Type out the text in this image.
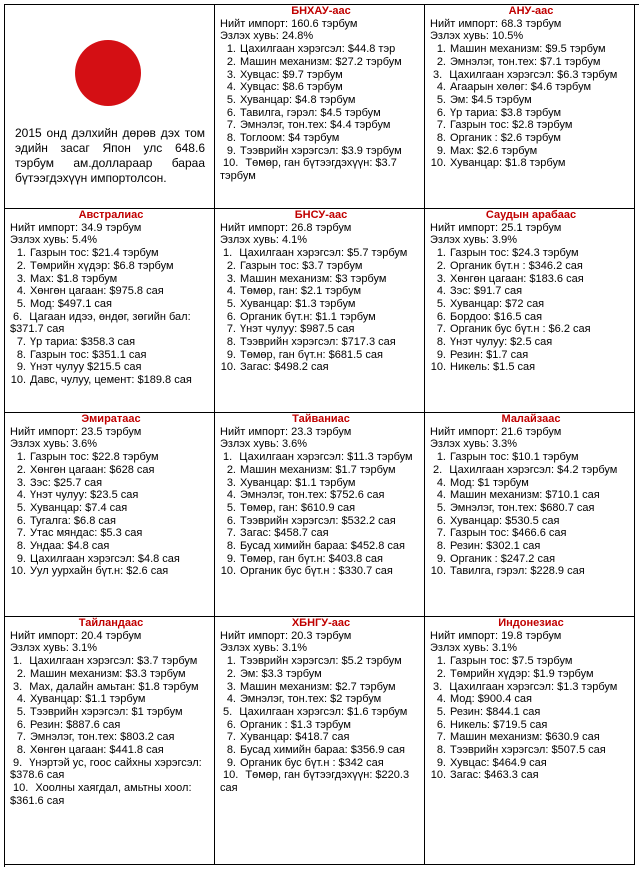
2015 онд дэлхийн дөрөв дэх том эдийн засаг Япон улс 648.6 тэрбум ам.доллараар бараа бүтээгдэхүүн импортолсон.
БНХАУ-аас
Нийт импорт: 160.6 тэрбум
Эзлэх хувь: 24.8%
1. Цахилгаан хэрэгсэл: $44.8 тэр
2. Машин механизм: $27.2 тэрбум
3. Хувцас: $9.7 тэрбум
4. Хувцас: $8.6 тэрбум
5. Хуванцар: $4.8 тэрбум
6. Тавилга, гэрэл: $4.5 тэрбум
7. Эмнэлэг, тон.тех: $4.4 тэрбум
8. Тоглоом: $4 тэрбум
9. Тээврийн хэрэгсэл: $3.9 тэрбум
10. Төмөр, ган бүтээгдэхүүн: $3.7 тэрбум
АНУ-аас
Нийт импорт: 68.3 тэрбум
Эзлэх хувь: 10.5%
1. Машин механизм: $9.5 тэрбум
2. Эмнэлэг, тон.тех: $7.1 тэрбум
3. Цахилгаан хэрэгсэл: $6.3 тэрбум
4. Агаарын хөлөг: $4.6 тэрбум
5. Эм: $4.5 тэрбум
6. Үр тариа: $3.8 тэрбум
7. Газрын тос: $2.8 тэрбум
8. Органик : $2.6 тэрбум
9. Мах: $2.6 тэрбум
10. Хуванцар: $1.8 тэрбум
Австралиас
Нийт импорт: 34.9 тэрбум
Эзлэх хувь: 5.4%
1. Газрын тос: $21.4 тэрбум
2. Төмрийн хүдэр: $6.8 тэрбум
3. Мах: $1.8 тэрбум
4. Хөнгөн цагаан: $975.8 сая
5. Мод: $497.1 сая
6. Цагаан идээ, өндөг, зөгийн бал: $371.7 сая
7. Үр тариа: $358.3 сая
8. Газрын тос: $351.1 сая
9. Үнэт чулуу $215.5 сая
10. Давс, чулуу, цемент: $189.8 сая
БНСУ-аас
Нийт импорт: 26.8 тэрбум
Эзлэх хувь: 4.1%
1. Цахилгаан хэрэгсэл: $5.7 тэрбум
2. Газрын тос: $3.7 тэрбум
3. Машин механизм: $3 тэрбум
4. Төмөр, ган: $2.1 тэрбум
5. Хуванцар: $1.3 тэрбум
6. Органик бүт.н: $1.1 тэрбум
7. Үнэт чулуу: $987.5 сая
8. Тээврийн хэрэгсэл: $717.3 сая
9. Төмөр, ган бүт.н: $681.5 сая
10. Загас: $498.2 сая
Саудын арабаас
Нийт импорт: 25.1 тэрбум
Эзлэх хувь: 3.9%
1. Газрын тос: $24.3 тэрбум
2. Органик бүт.н : $346.2 сая
3. Хөнгөн цагаан: $183.6 сая
4. Зэс: $91.7 сая
5. Хуванцар: $72 сая
6. Бордоо: $16.5 сая
7. Органик бус бүт.н : $6.2 сая
8. Үнэт чулуу: $2.5 сая
9. Резин: $1.7 сая
10. Никель: $1.5 сая
Эмиратаас
Нийт импорт: 23.5 тэрбум
Эзлэх хувь: 3.6%
1. Газрын тос: $22.8 тэрбум
2. Хөнгөн цагаан: $628 сая
3. Зэс: $25.7 сая
4. Үнэт чулуу: $23.5 сая
5. Хуванцар: $7.4 сая
6. Тугалга: $6.8 сая
7. Утас мяндас: $5.3 сая
8. Ундаа: $4.8 сая
9. Цахилгаан хэрэгсэл: $4.8 сая
10. Уул уурхайн бүт.н: $2.6 сая
Тайваниас
Нийт импорт: 23.3 тэрбум
Эзлэх хувь: 3.6%
1. Цахилгаан хэрэгсэл: $11.3 тэрбум
2. Машин механизм: $1.7 тэрбум
3. Хуванцар: $1.1 тэрбум
4. Эмнэлэг, тон.тех: $752.6 сая
5. Төмөр, ган: $610.9 сая
6. Тээврийн хэрэгсэл: $532.2 сая
7. Загас: $458.7 сая
8. Бусад химийн бараа: $452.8 сая
9. Төмөр, ган бүт.н: $403.8 сая
10. Органик бус бүт.н : $330.7 сая
Малайзаас
Нийт импорт: 21.6 тэрбум
Эзлэх хувь: 3.3%
1. Газрын тос: $10.1 тэрбум
2. Цахилгаан хэрэгсэл: $4.2 тэрбум
4. Мод: $1 тэрбум
4. Машин механизм: $710.1 сая
5. Эмнэлэг, тон.тех: $680.7 сая
6. Хуванцар: $530.5 сая
7. Газрын тос: $466.6 сая
8. Резин: $302.1 сая
9. Органик : $247.2 сая
10. Тавилга, гэрэл: $228.9 сая
Тайландаас
Нийт импорт: 20.4 тэрбум
Эзлэх хувь: 3.1%
1. Цахилгаан хэрэгсэл: $3.7 тэрбум
2. Машин механизм: $3.3 тэрбум
3. Мах, далайн амьтан: $1.8 тэрбум
4. Хуванцар: $1.1 тэрбум
5. Тээврийн хэрэгсэл: $1 тэрбум
6. Резин: $887.6 сая
7. Эмнэлэг, тон.тех: $803.2 сая
8. Хөнгөн цагаан: $441.8 сая
9. Үнэртэй ус, гоос сайхны хэрэгсэл: $378.6 сая
10. Хоолны хаягдал, амьтны хоол: $361.6 сая
ХБНГУ-аас
Нийт импорт: 20.3 тэрбум
Эзлэх хувь: 3.1%
1. Тээврийн хэрэгсэл: $5.2 тэрбум
2. Эм: $3.3 тэрбум
3. Машин механизм: $2.7 тэрбум
4. Эмнэлэг, тон.тех: $2 тэрбум
5. Цахилгаан хэрэгсэл: $1.6 тэрбум
6. Органик : $1.3 тэрбум
7. Хуванцар: $418.7 сая
8. Бусад химийн бараа: $356.9 сая
9. Органик бус бүт.н : $342 сая
10. Төмөр, ган бүтээгдэхүүн: $220.3 сая
Индонезиас
Нийт импорт: 19.8 тэрбум
Эзлэх хувь: 3.1%
1. Газрын тос: $7.5 тэрбум
2. Төмрийн хүдэр: $1.9 тэрбум
3. Цахилгаан хэрэгсэл: $1.3 тэрбум
4. Мод: $900.4 сая
5. Резин: $844.1 сая
6. Никель: $719.5 сая
7. Машин механизм: $630.9 сая
8. Тээврийн хэрэгсэл: $507.5 сая
9. Хувцас: $464.9 сая
10. Загас: $463.3 сая
